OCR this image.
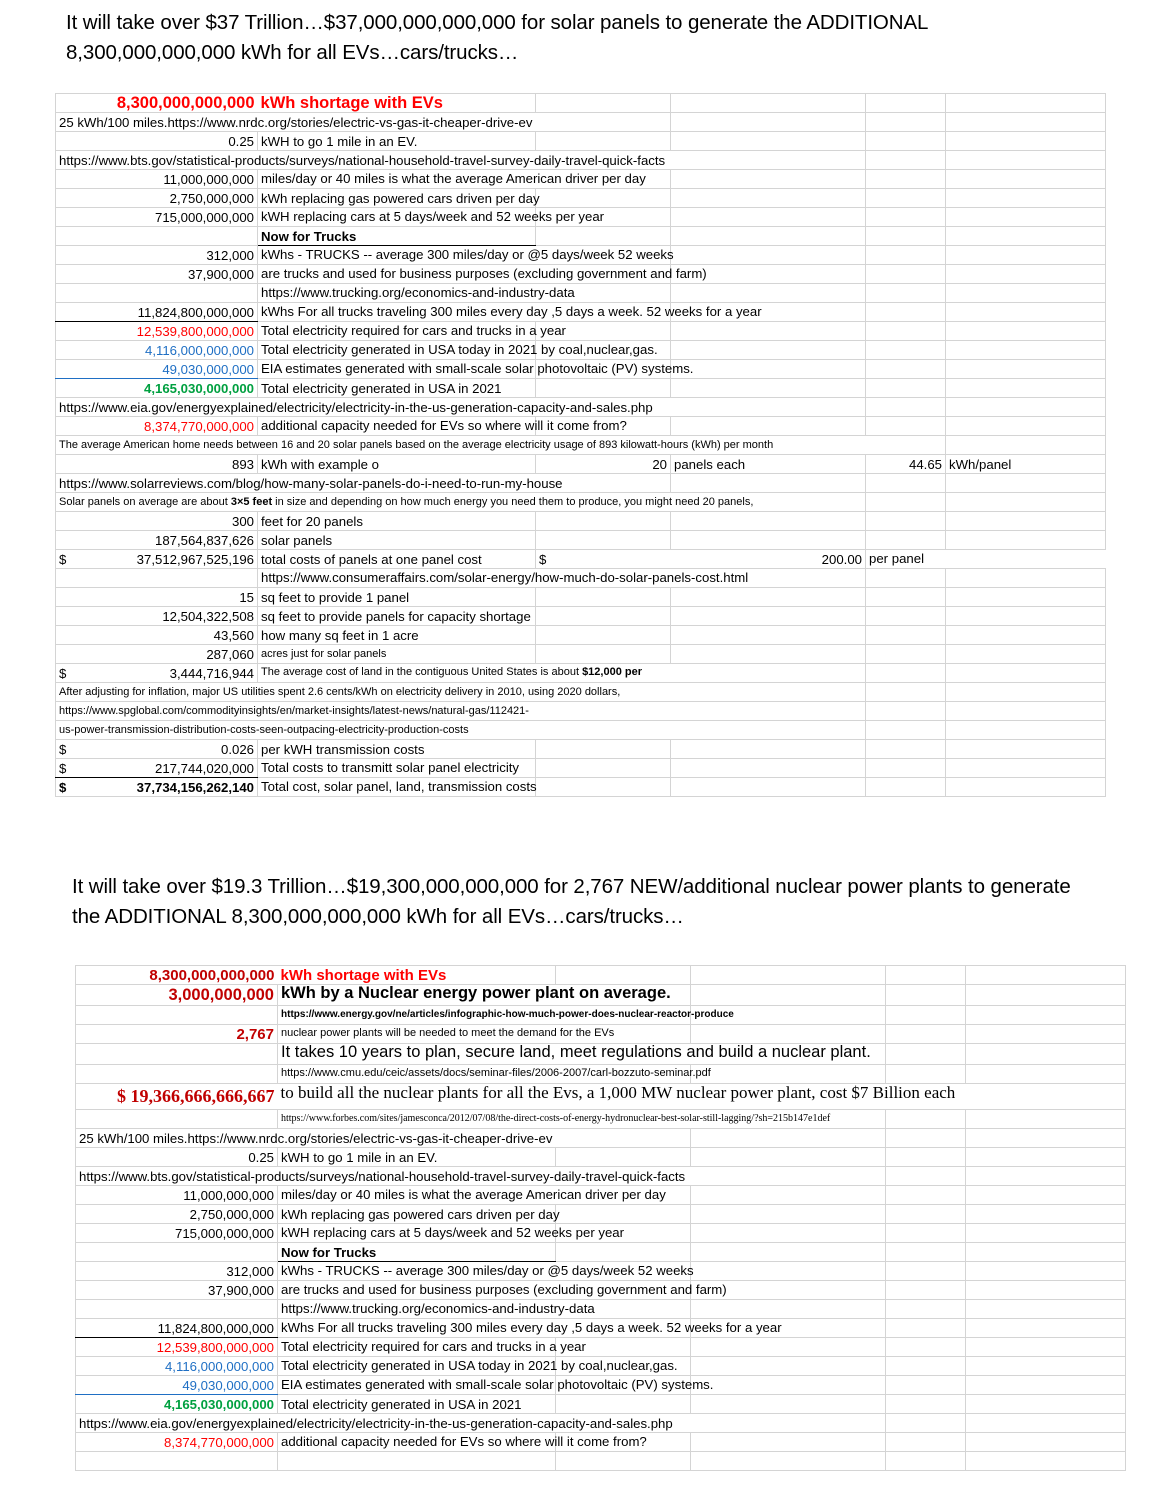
It will take over $37 Trillion…$37,000,000,000,000 for solar panels to generate the ADDITIONAL 8,300,000,000,000 kWh for all EVs…cars/trucks…
8,300,000,000,000		kWh shortage with EVs				
25 kWh/100 miles.https://www.nrdc.org/stories/electric-vs-gas-it-cheaper-drive-ev						
	0.25	kWH to go 1 mile in an EV.				
https://www.bts.gov/statistical-products/surveys/national-household-travel-survey-daily-travel-quick-facts						
	11,000,000,000	miles/day or 40 miles is what the average American driver per day				

	2,750,000,000	kWh replacing gas powered cars driven per day				
	715,000,000,000	kWH replacing cars at 5 days/week and 52 weeks per year				

		Now for Trucks				
	312,000	kWhs - TRUCKS -- average 300 miles/day or @5 days/week 52 weeks				

	37,900,000	are trucks and used for business purposes (excluding government and farm)				

		https://www.trucking.org/economics-and-industry-data				

	11,824,800,000,000	kWhs For all trucks traveling 300 miles every day ,5 days a week. 52 weeks for a year				

	12,539,800,000,000	Total electricity required for cars and trucks in a year				

	4,116,000,000,000	Total electricity generated in USA today in 2021 by coal,nuclear,gas.				

	49,030,000,000	EIA estimates generated with small-scale solar photovoltaic (PV) systems.				

	4,165,030,000,000	Total electricity generated in USA in 2021				
https://www.eia.gov/energyexplained/electricity/electricity-in-the-us-generation-capacity-and-sales.php						
	8,374,770,000,000	additional capacity needed for EVs so where will it come from?				

The average American home needs between 16 and 20 solar panels based on the average electricity usage of 893 kilowatt-hours (kWh) per month						
	893	kWh with example o	20	panels each	44.65	kWh/panel
https://www.solarreviews.com/blog/how-many-solar-panels-do-i-need-to-run-my-house						
Solar panels on average are about 3×5 feet in size and depending on how much energy you need them to produce, you might need 20 panels,						
	300	feet for 20 panels				
	187,564,837,626	solar panels				
$	37,512,967,525,196	total costs of panels at one panel cost	$	200.00	per panel	

		https://www.consumeraffairs.com/solar-energy/how-much-do-solar-panels-cost.html				

	15	sq feet to provide 1 panel				
	12,504,322,508	sq feet to provide panels for capacity shortage				
	43,560	how many sq feet in 1 acre				
	287,060	acres just for solar panels				
$	3,444,716,944	The average cost of land in the contiguous United States is about $12,000 per				

After adjusting for inflation, major US utilities spent 2.6 cents/kWh on electricity delivery in 2010, using 2020 dollars,						
https://www.spglobal.com/commodityinsights/en/market-insights/latest-news/natural-gas/112421-						
us-power-transmission-distribution-costs-seen-outpacing-electricity-production-costs						
$	0.026	per kWH transmission costs				
$	217,744,020,000	Total costs to transmitt solar panel electricity				

$	37,734,156,262,140	Total cost, solar panel, land, transmission costs				

It will take over $19.3 Trillion…$19,300,000,000,000 for 2,767 NEW/additional nuclear power plants to generate the ADDITIONAL 8,300,000,000,000 kWh for all EVs…cars/trucks…
8,300,000,000,000		kWh shortage with EVs				
	3,000,000,000	kWh by a Nuclear energy power plant on average.				

		https://www.energy.gov/ne/articles/infographic-how-much-power-does-nuclear-reactor-produce				

	2,767	nuclear power plants will be needed to meet the demand for the EVs				

		It takes 10 years to plan, secure land, meet regulations and build a nuclear plant.				

		https://www.cmu.edu/ceic/assets/docs/seminar-files/2006-2007/carl-bozzuto-seminar.pdf				

$ 19,366,666,666,667		to build all the nuclear plants for all the Evs, a 1,000 MW nuclear power plant, cost $7 Billion each				

		https://www.forbes.com/sites/jamesconca/2012/07/08/the-direct-costs-of-energy-hydronuclear-best-solar-still-lagging/?sh=215b147e1def				

25 kWh/100 miles.https://www.nrdc.org/stories/electric-vs-gas-it-cheaper-drive-ev						
	0.25	kWH to go 1 mile in an EV.				
https://www.bts.gov/statistical-products/surveys/national-household-travel-survey-daily-travel-quick-facts						
	11,000,000,000	miles/day or 40 miles is what the average American driver per day				

	2,750,000,000	kWh replacing gas powered cars driven per day				
	715,000,000,000	kWH replacing cars at 5 days/week and 52 weeks per year				

		Now for Trucks				
	312,000	kWhs - TRUCKS -- average 300 miles/day or @5 days/week 52 weeks				

	37,900,000	are trucks and used for business purposes (excluding government and farm)				

		https://www.trucking.org/economics-and-industry-data				

	11,824,800,000,000	kWhs For all trucks traveling 300 miles every day ,5 days a week. 52 weeks for a year				

	12,539,800,000,000	Total electricity required for cars and trucks in a year				

	4,116,000,000,000	Total electricity generated in USA today in 2021 by coal,nuclear,gas.				

	49,030,000,000	EIA estimates generated with small-scale solar photovoltaic (PV) systems.				

	4,165,030,000,000	Total electricity generated in USA in 2021				
https://www.eia.gov/energyexplained/electricity/electricity-in-the-us-generation-capacity-and-sales.php						
	8,374,770,000,000	additional capacity needed for EVs so where will it come from?				
